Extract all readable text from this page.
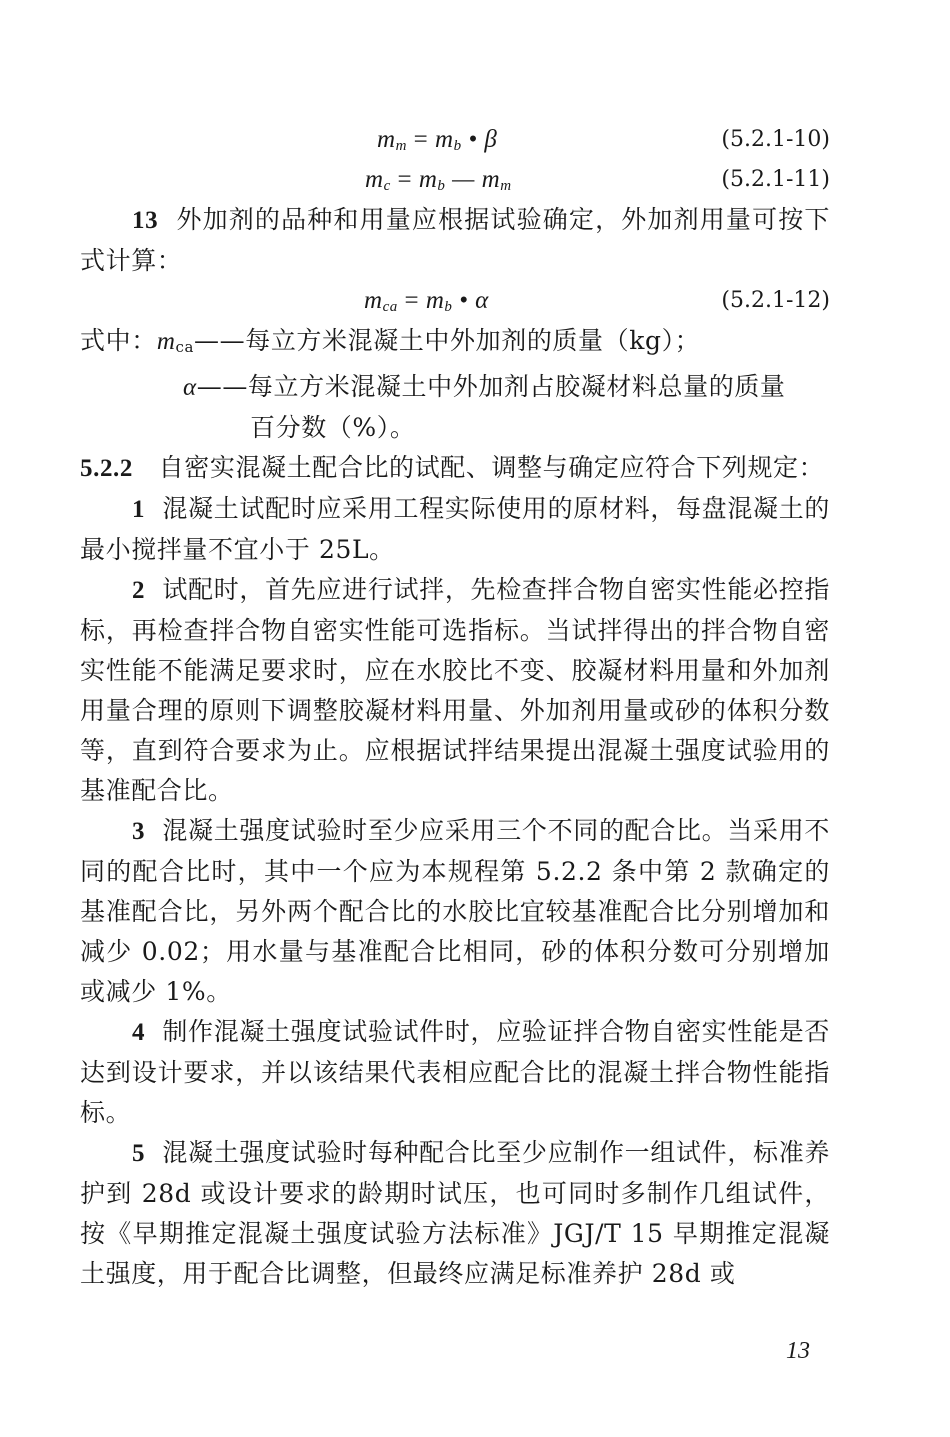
$m_m = m_b$ • β	(5.2.1-10)
$m_c = m_b$ — $m_m$	(5.2.1-11)

13 外加剂的品种和用量应根据试验确定，外加剂用量可按下式计算：

$m_{ca} = m_b$ • α	(5.2.1-12)
式中：$m_{ca}——$每立方米混凝土中外加剂的质量（kg）；
α——每立方米混凝土中外加剂占胶凝材料总量的质量
百分数（%）。

5.2.2 自密实混凝土配合比的试配、调整与确定应符合下列规定：

1 混凝土试配时应采用工程实际使用的原材料，每盘混凝土的最小搅拌量不宜小于 25L。

2 试配时，首先应进行试拌，先检查拌合物自密实性能必控指标，再检查拌合物自密实性能可选指标。当试拌得出的拌合物自密实性能不能满足要求时，应在水胶比不变、胶凝材料用量和外加剂用量合理的原则下调整胶凝材料用量、外加剂用量或砂的体积分数等，直到符合要求为止。应根据试拌结果提出混凝土强度试验用的基准配合比。

3 混凝土强度试验时至少应采用三个不同的配合比。当采用不同的配合比时，其中一个应为本规程第 5.2.2 条中第 2 款确定的基准配合比，另外两个配合比的水胶比宜较基准配合比分别增加和减少 0.02；用水量与基准配合比相同，砂的体积分数可分别增加或减少 1%。

4 制作混凝土强度试验试件时，应验证拌合物自密实性能是否达到设计要求，并以该结果代表相应配合比的混凝土拌合物性能指标。

5 混凝土强度试验时每种配合比至少应制作一组试件，标准养护到 28d 或设计要求的龄期时试压，也可同时多制作几组试件，按《早期推定混凝土强度试验方法标准》JGJ/T 15 早期推定混凝土强度，用于配合比调整，但最终应满足标准养护 28d 或

13
